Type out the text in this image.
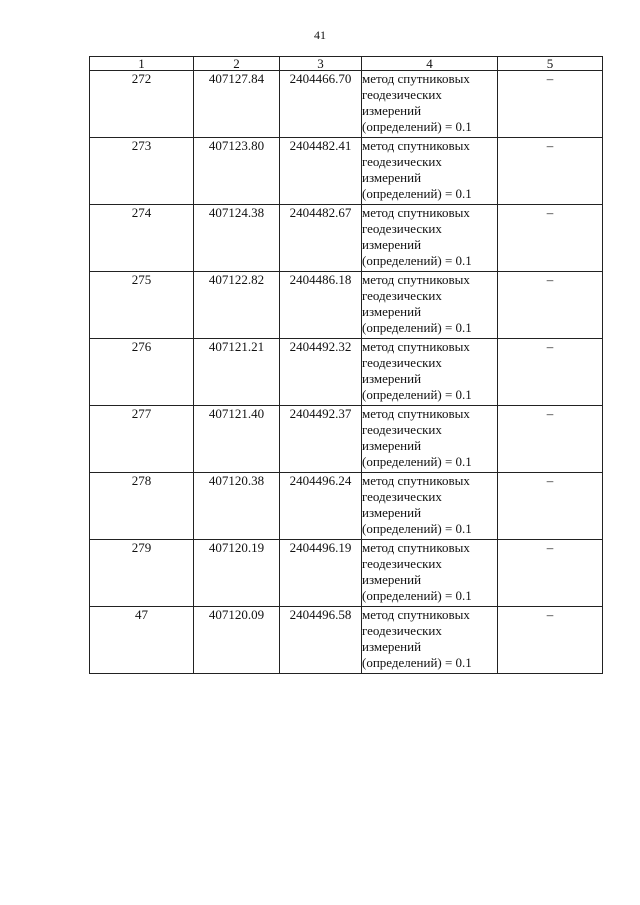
41
1	2	3	4	5
272	407127.84	2404466.70	метод спутниковых
геодезических
измерений
(определений) = 0.1	–
273	407123.80	2404482.41	метод спутниковых
геодезических
измерений
(определений) = 0.1	–
274	407124.38	2404482.67	метод спутниковых
геодезических
измерений
(определений) = 0.1	–
275	407122.82	2404486.18	метод спутниковых
геодезических
измерений
(определений) = 0.1	–
276	407121.21	2404492.32	метод спутниковых
геодезических
измерений
(определений) = 0.1	–
277	407121.40	2404492.37	метод спутниковых
геодезических
измерений
(определений) = 0.1	–
278	407120.38	2404496.24	метод спутниковых
геодезических
измерений
(определений) = 0.1	–
279	407120.19	2404496.19	метод спутниковых
геодезических
измерений
(определений) = 0.1	–
47	407120.09	2404496.58	метод спутниковых
геодезических
измерений
(определений) = 0.1	–
